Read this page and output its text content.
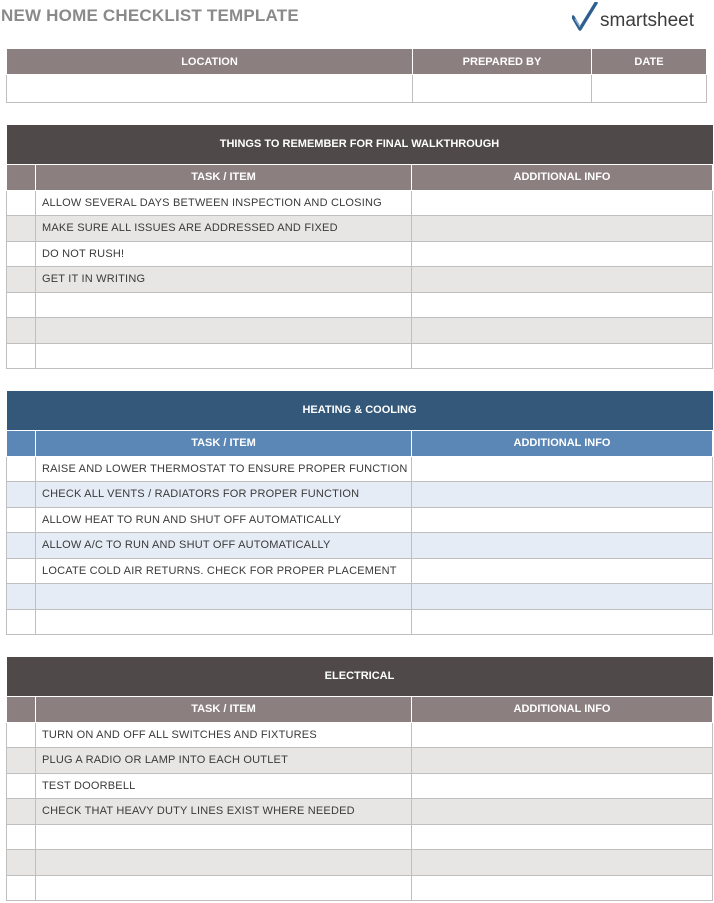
NEW HOME CHECKLIST TEMPLATE	smartsheet
LOCATION	PREPARED BY	DATE

THINGS TO REMEMBER FOR FINAL WALKTHROUGH		
	TASK / ITEM	ADDITIONAL INFO
	ALLOW SEVERAL DAYS BETWEEN INSPECTION AND CLOSING	
	MAKE SURE ALL ISSUES ARE ADDRESSED AND FIXED	
	DO NOT RUSH!	
	GET IT IN WRITING	

HEATING & COOLING		
	TASK / ITEM	ADDITIONAL INFO
	RAISE AND LOWER THERMOSTAT TO ENSURE PROPER FUNCTION	
	CHECK ALL VENTS / RADIATORS FOR PROPER FUNCTION	
	ALLOW HEAT TO RUN AND SHUT OFF AUTOMATICALLY	
	ALLOW A/C TO RUN AND SHUT OFF AUTOMATICALLY	
	LOCATE COLD AIR RETURNS. CHECK FOR PROPER PLACEMENT	

ELECTRICAL		
	TASK / ITEM	ADDITIONAL INFO
	TURN ON AND OFF ALL SWITCHES AND FIXTURES	
	PLUG A RADIO OR LAMP INTO EACH OUTLET	
	TEST DOORBELL	
	CHECK THAT HEAVY DUTY LINES EXIST WHERE NEEDED	
